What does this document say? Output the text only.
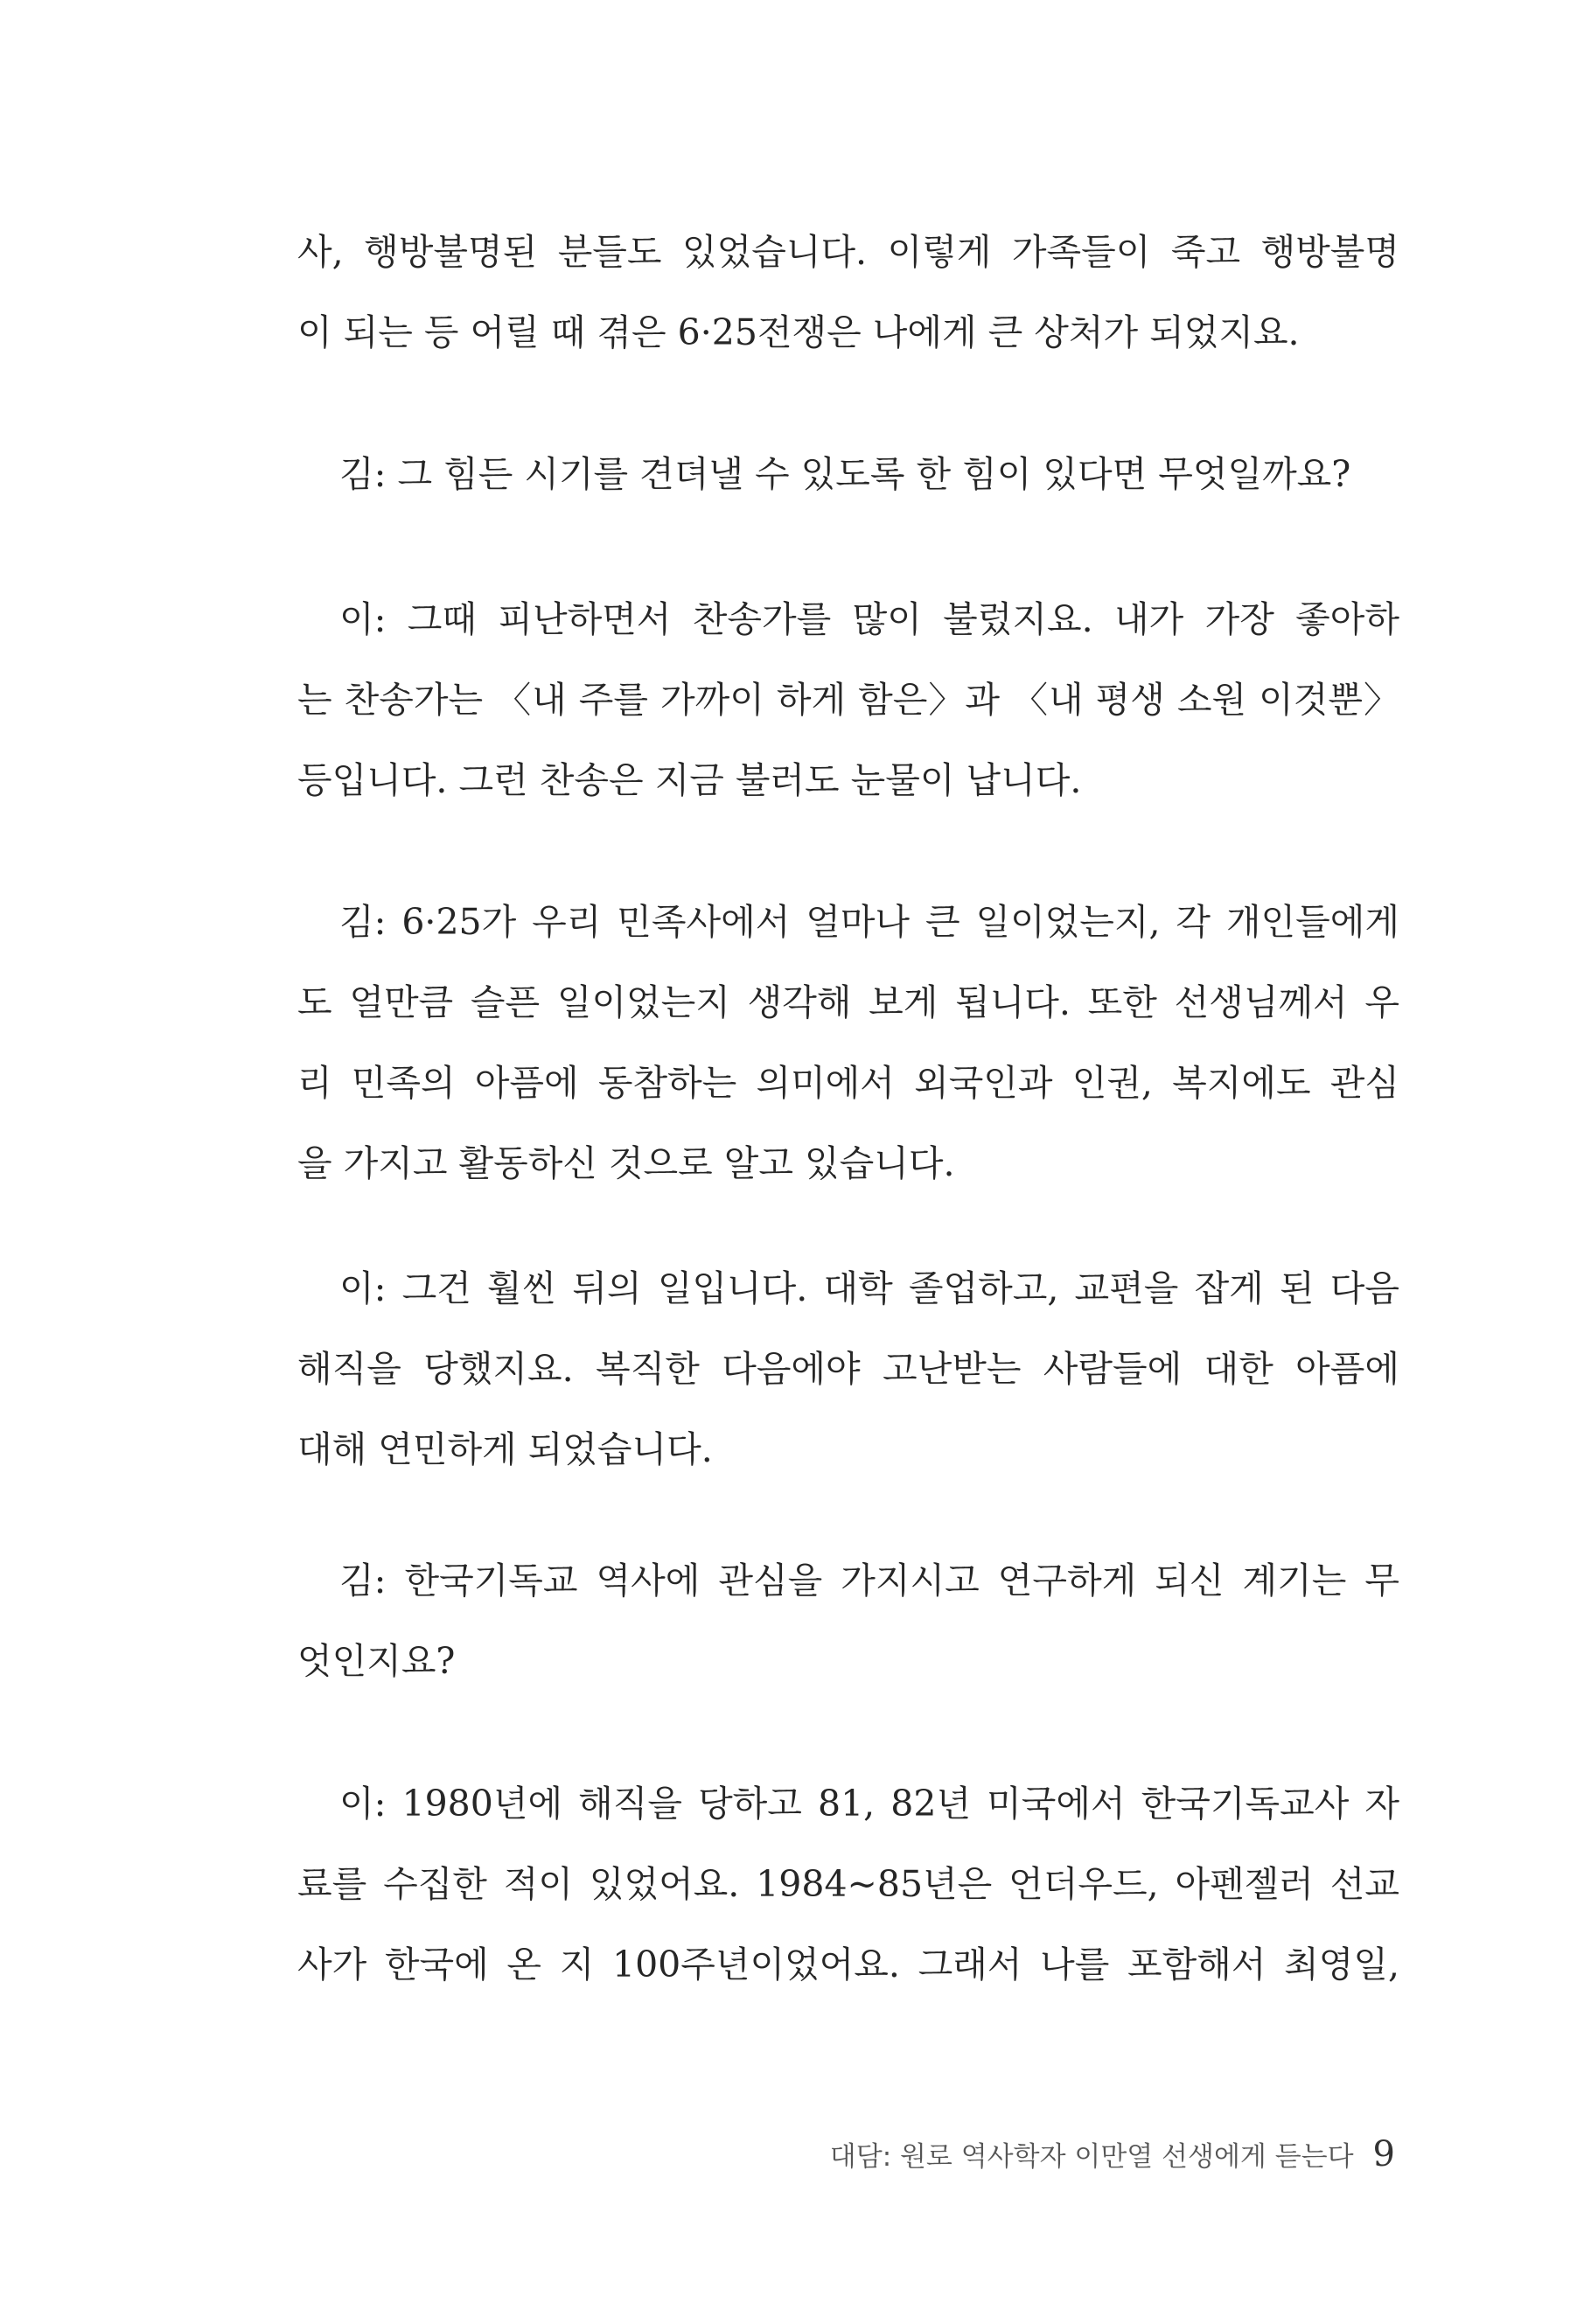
사, 행방불명된 분들도 있었습니다. 이렇게 가족들이 죽고 행방불명
이 되는 등 어릴 때 겪은 6·25전쟁은 나에게 큰 상처가 되었지요.
김: 그 힘든 시기를 견뎌낼 수 있도록 한 힘이 있다면 무엇일까요?
이: 그때 피난하면서 찬송가를 많이 불렀지요. 내가 가장 좋아하
는 찬송가는 〈내 주를 가까이 하게 함은〉과 〈내 평생 소원 이것뿐〉
등입니다. 그런 찬송은 지금 불러도 눈물이 납니다.
김: 6·25가 우리 민족사에서 얼마나 큰 일이었는지, 각 개인들에게
도 얼만큼 슬픈 일이었는지 생각해 보게 됩니다. 또한 선생님께서 우
리 민족의 아픔에 동참하는 의미에서 외국인과 인권, 복지에도 관심
을 가지고 활동하신 것으로 알고 있습니다.
이: 그건 훨씬 뒤의 일입니다. 대학 졸업하고, 교편을 잡게 된 다음
해직을 당했지요. 복직한 다음에야 고난받는 사람들에 대한 아픔에
대해 연민하게 되었습니다.
김: 한국기독교 역사에 관심을 가지시고 연구하게 되신 계기는 무
엇인지요?
이: 1980년에 해직을 당하고 81, 82년 미국에서 한국기독교사 자
료를 수집한 적이 있었어요. 1984~85년은 언더우드, 아펜젤러 선교
사가 한국에 온 지 100주년이었어요. 그래서 나를 포함해서 최영일,
대담: 원로 역사학자 이만열 선생에게 듣는다 9
